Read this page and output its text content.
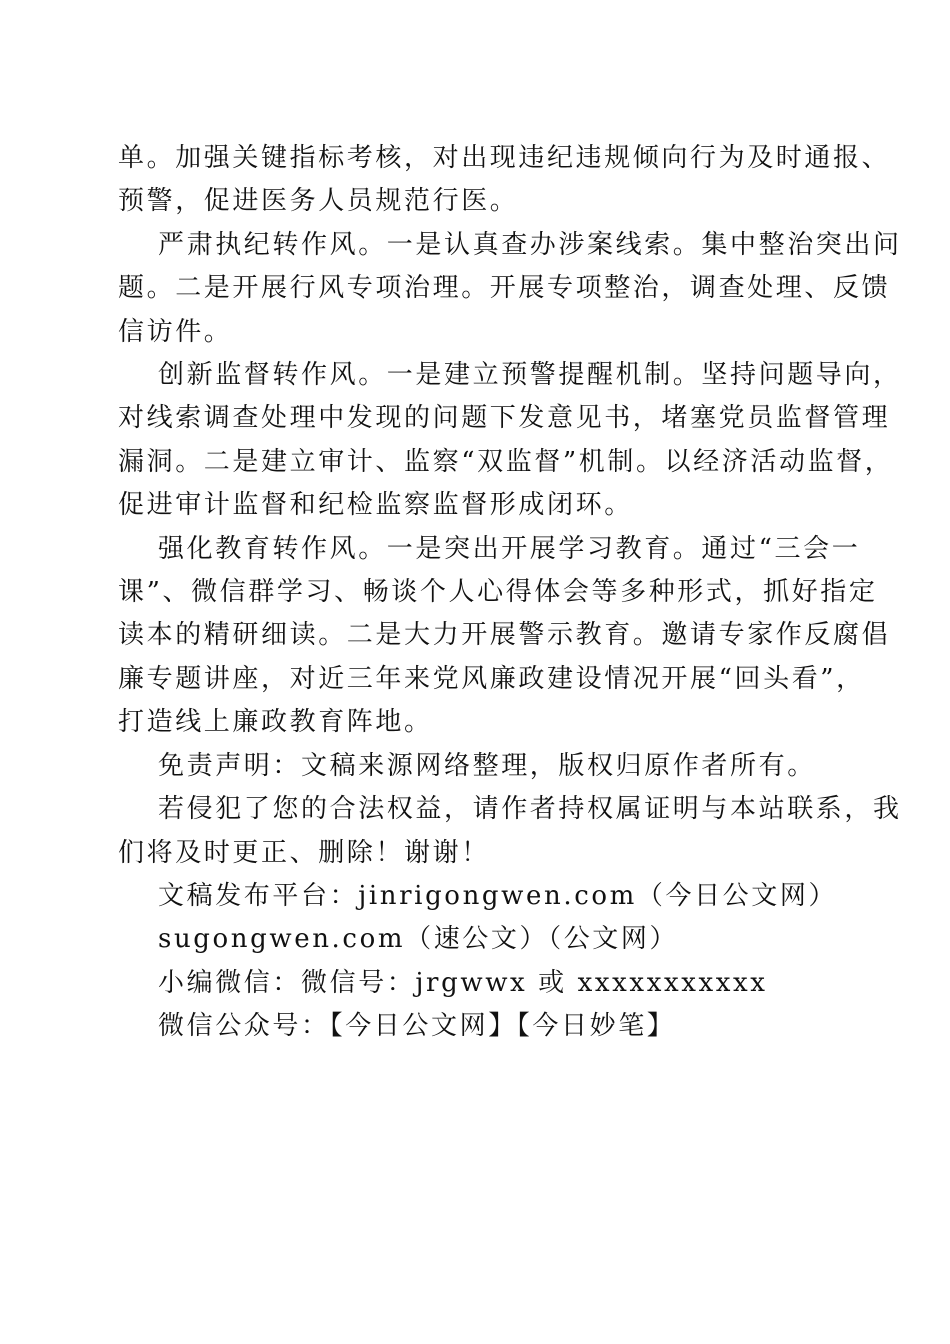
单。加强关键指标考核，对出现违纪违规倾向行为及时通报、
预警，促进医务人员规范行医。

严肃执纪转作风。一是认真查办涉案线索。集中整治突出问
题。二是开展行风专项治理。开展专项整治，调查处理、反馈
信访件。

创新监督转作风。一是建立预警提醒机制。坚持问题导向，
对线索调查处理中发现的问题下发意见书，堵塞党员监督管理
漏洞。二是建立审计、监察“双监督”机制。以经济活动监督，
促进审计监督和纪检监察监督形成闭环。

强化教育转作风。一是突出开展学习教育。通过“三会一
课”、微信群学习、畅谈个人心得体会等多种形式，抓好指定
读本的精研细读。二是大力开展警示教育。邀请专家作反腐倡
廉专题讲座，对近三年来党风廉政建设情况开展“回头看”，
打造线上廉政教育阵地。

免责声明：文稿来源网络整理，版权归原作者所有。

若侵犯了您的合法权益，请作者持权属证明与本站联系，我
们将及时更正、删除！谢谢！

文稿发布平台：jinrigongwen.com（今日公文网）

sugongwen.com（速公文）（公文网）

小编微信：微信号：jrgwwx 或 xxxxxxxxxxx

微信公众号：【今日公文网】【今日妙笔】
